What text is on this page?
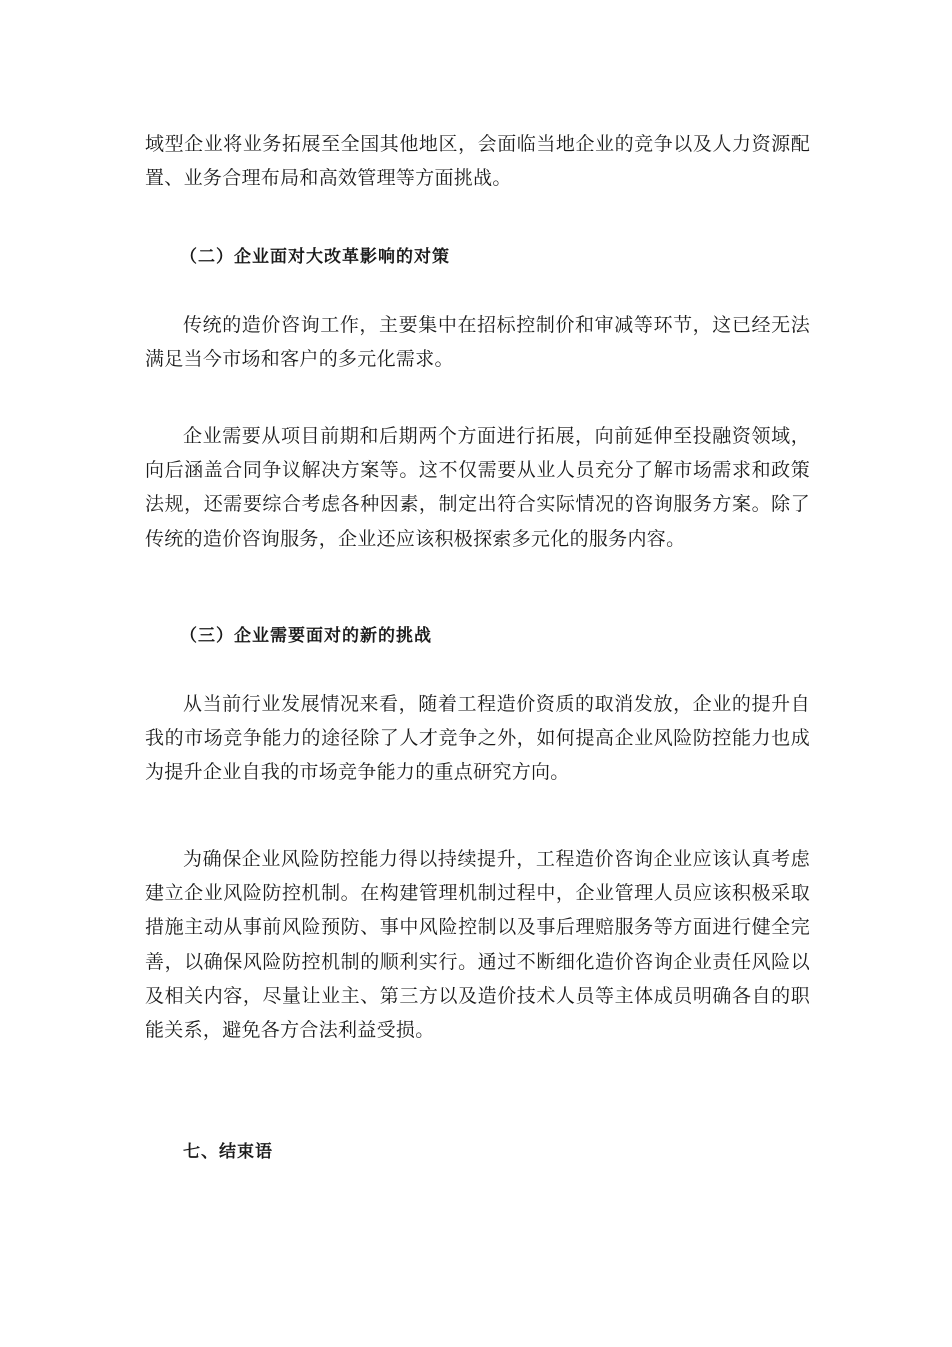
域型企业将业务拓展至全国其他地区，会面临当地企业的竞争以及人力资源配置、业务合理布局和高效管理等方面挑战。

（二）企业面对大改革影响的对策

传统的造价咨询工作，主要集中在招标控制价和审减等环节，这已经无法满足当今市场和客户的多元化需求。

企业需要从项目前期和后期两个方面进行拓展，向前延伸至投融资领域，向后涵盖合同争议解决方案等。这不仅需要从业人员充分了解市场需求和政策法规，还需要综合考虑各种因素，制定出符合实际情况的咨询服务方案。除了传统的造价咨询服务，企业还应该积极探索多元化的服务内容。

（三）企业需要面对的新的挑战

从当前行业发展情况来看，随着工程造价资质的取消发放，企业的提升自我的市场竞争能力的途径除了人才竞争之外，如何提高企业风险防控能力也成为提升企业自我的市场竞争能力的重点研究方向。

为确保企业风险防控能力得以持续提升，工程造价咨询企业应该认真考虑建立企业风险防控机制。在构建管理机制过程中，企业管理人员应该积极采取措施主动从事前风险预防、事中风险控制以及事后理赔服务等方面进行健全完善，以确保风险防控机制的顺利实行。通过不断细化造价咨询企业责任风险以及相关内容，尽量让业主、第三方以及造价技术人员等主体成员明确各自的职能关系，避免各方合法利益受损。

七、结束语
